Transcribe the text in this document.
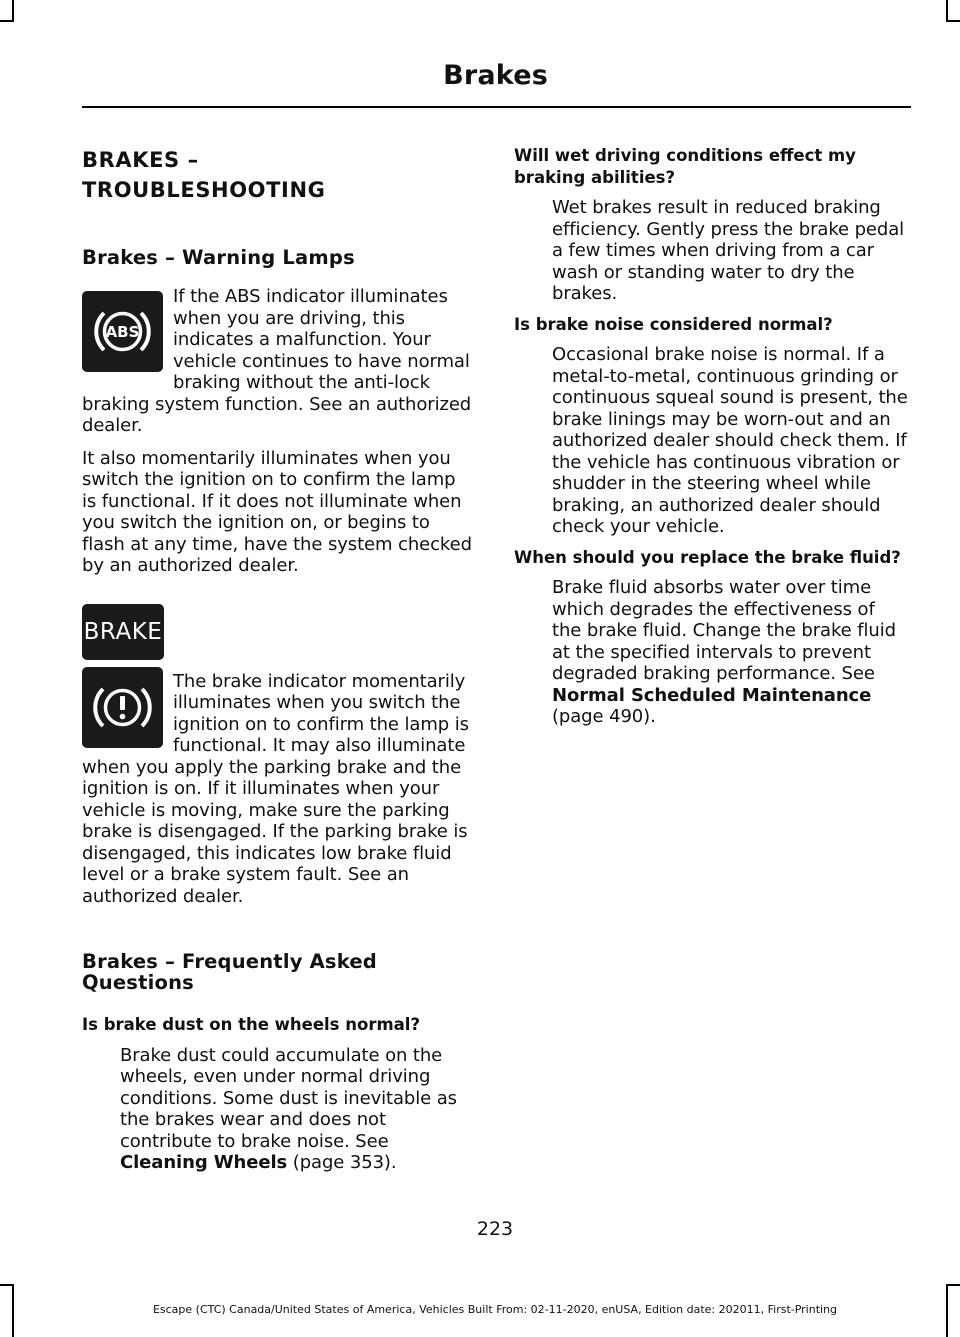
Brakes
BRAKES –
TROUBLESHOOTING
Brakes – Warning Lamps
ABS

If the ABS indicator illuminates when you are driving, this indicates a malfunction. Your vehicle continues to have normal braking without the anti-lock braking system function. See an authorized dealer.

It also momentarily illuminates when you switch the ignition on to confirm the lamp is functional. If it does not illuminate when you switch the ignition on, or begins to flash at any time, have the system checked by an authorized dealer.

BRAKE

The brake indicator momentarily illuminates when you switch the ignition on to confirm the lamp is functional. It may also illuminate when you apply the parking brake and the ignition is on. If it illuminates when your vehicle is moving, make sure the parking brake is disengaged. If the parking brake is disengaged, this indicates low brake fluid level or a brake system fault. See an authorized dealer.

Brakes – Frequently Asked Questions
Is brake dust on the wheels normal?

Brake dust could accumulate on the wheels, even under normal driving conditions. Some dust is inevitable as the brakes wear and does not contribute to brake noise. See Cleaning Wheels (page 353).

Will wet driving conditions effect my braking abilities?

Wet brakes result in reduced braking efficiency. Gently press the brake pedal a few times when driving from a car wash or standing water to dry the brakes.

Is brake noise considered normal?

Occasional brake noise is normal. If a metal-to-metal, continuous grinding or continuous squeal sound is present, the brake linings may be worn-out and an authorized dealer should check them. If the vehicle has continuous vibration or shudder in the steering wheel while braking, an authorized dealer should check your vehicle.

When should you replace the brake fluid?

Brake fluid absorbs water over time which degrades the effectiveness of the brake fluid. Change the brake fluid at the specified intervals to prevent degraded braking performance. See
Normal Scheduled Maintenance
(page 490).

223

Escape (CTC) Canada/United States of America, Vehicles Built From: 02-11-2020, enUSA, Edition date: 202011, First-Printing
